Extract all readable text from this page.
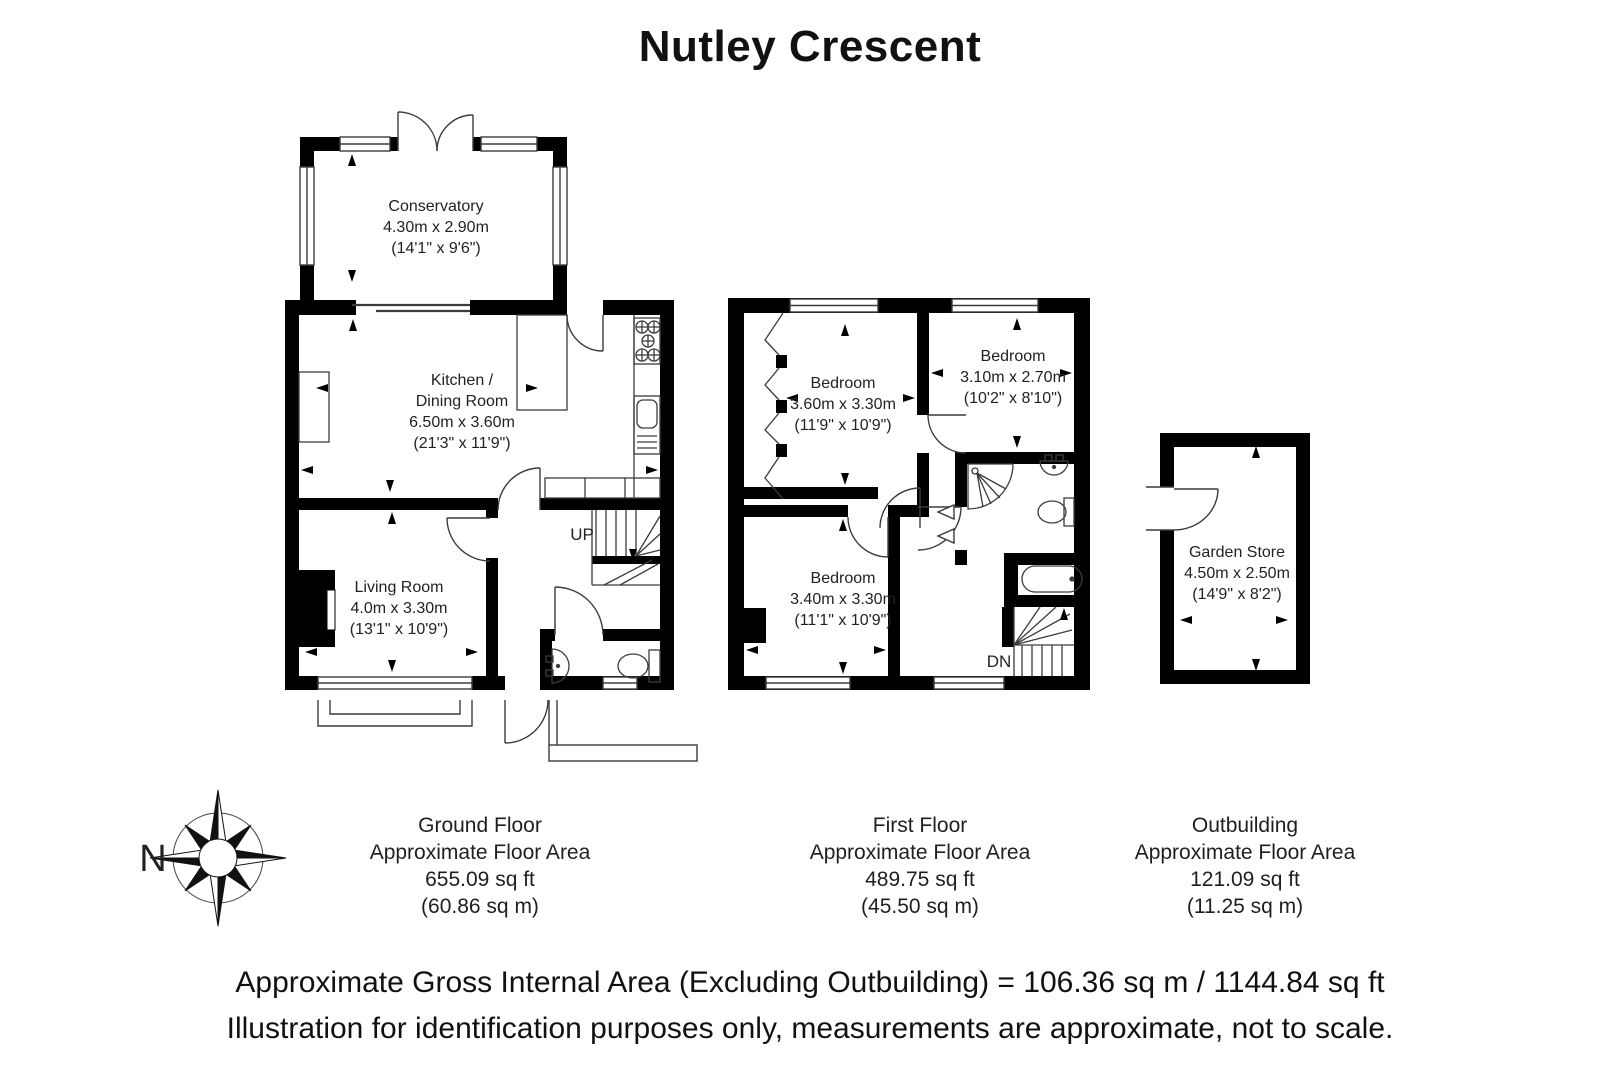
Nutley Crescent
Conservatory
4.30m x 2.90m
(14'1" x 9'6")
Kitchen /
Dining Room
6.50m x 3.60m
(21'3" x 11'9")
Living Room
4.0m x 3.30m
(13'1" x 10'9")
UP
Bedroom
3.60m x 3.30m
(11'9" x 10'9")
Bedroom
3.10m x 2.70m
(10'2" x 8'10")
Bedroom
3.40m x 3.30m
(11'1" x 10'9")
DN
Garden Store
4.50m x 2.50m
(14'9" x 8'2")
N
Ground Floor
Approximate Floor Area
655.09 sq ft
(60.86 sq m)
First Floor
Approximate Floor Area
489.75 sq ft
(45.50 sq m)
Outbuilding
Approximate Floor Area
121.09 sq ft
(11.25 sq m)
Approximate Gross Internal Area (Excluding Outbuilding) = 106.36 sq m / 1144.84 sq ft
Illustration for identification purposes only, measurements are approximate, not to scale.
